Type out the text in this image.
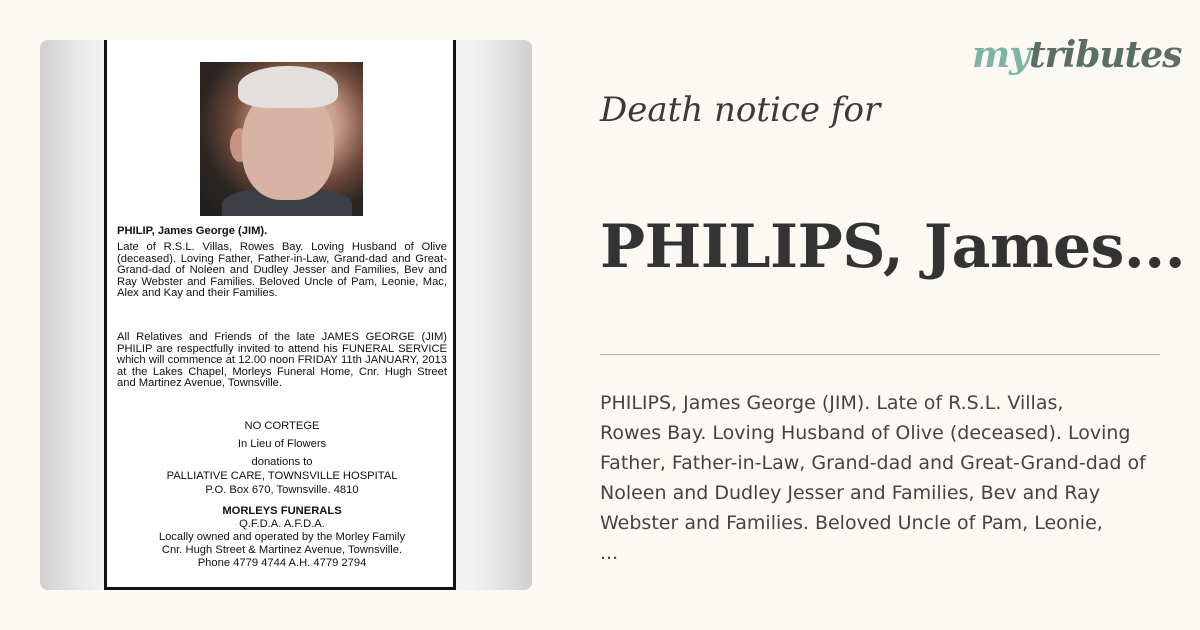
mytributes
PHILIP, James George (JIM).
Late of R.S.L. Villas, Rowes Bay. Loving Husband of Olive (deceased). Loving Father, Father-in-Law, Grand-dad and Great-Grand-dad of Noleen and Dudley Jesser and Families, Bev and Ray Webster and Families. Beloved Uncle of Pam, Leonie, Mac, Alex and Kay and their Families.
All Relatives and Friends of the late JAMES GEORGE (JIM) PHILIP are respectfully invited to attend his FUNERAL SERVICE which will commence at 12.00 noon FRIDAY 11th JANUARY, 2013 at the Lakes Chapel, Morleys Funeral Home, Cnr. Hugh Street and Martinez Avenue, Townsville.
NO CORTEGE
In Lieu of Flowers
donations to
PALLIATIVE CARE, TOWNSVILLE HOSPITAL
P.O. Box 670, Townsville. 4810
MORLEYS FUNERALS
Q.F.D.A. A.F.D.A.
Locally owned and operated by the Morley Family
Cnr. Hugh Street & Martinez Avenue, Townsville.
Phone 4779 4744 A.H. 4779 2794
Death notice for
PHILIPS, James...
PHILIPS, James George (JIM). Late of R.S.L. Villas,
Rowes Bay. Loving Husband of Olive (deceased). Loving
Father, Father-in-Law, Grand-dad and Great-Grand-dad of
Noleen and Dudley Jesser and Families, Bev and Ray
Webster and Families. Beloved Uncle of Pam, Leonie,
...
